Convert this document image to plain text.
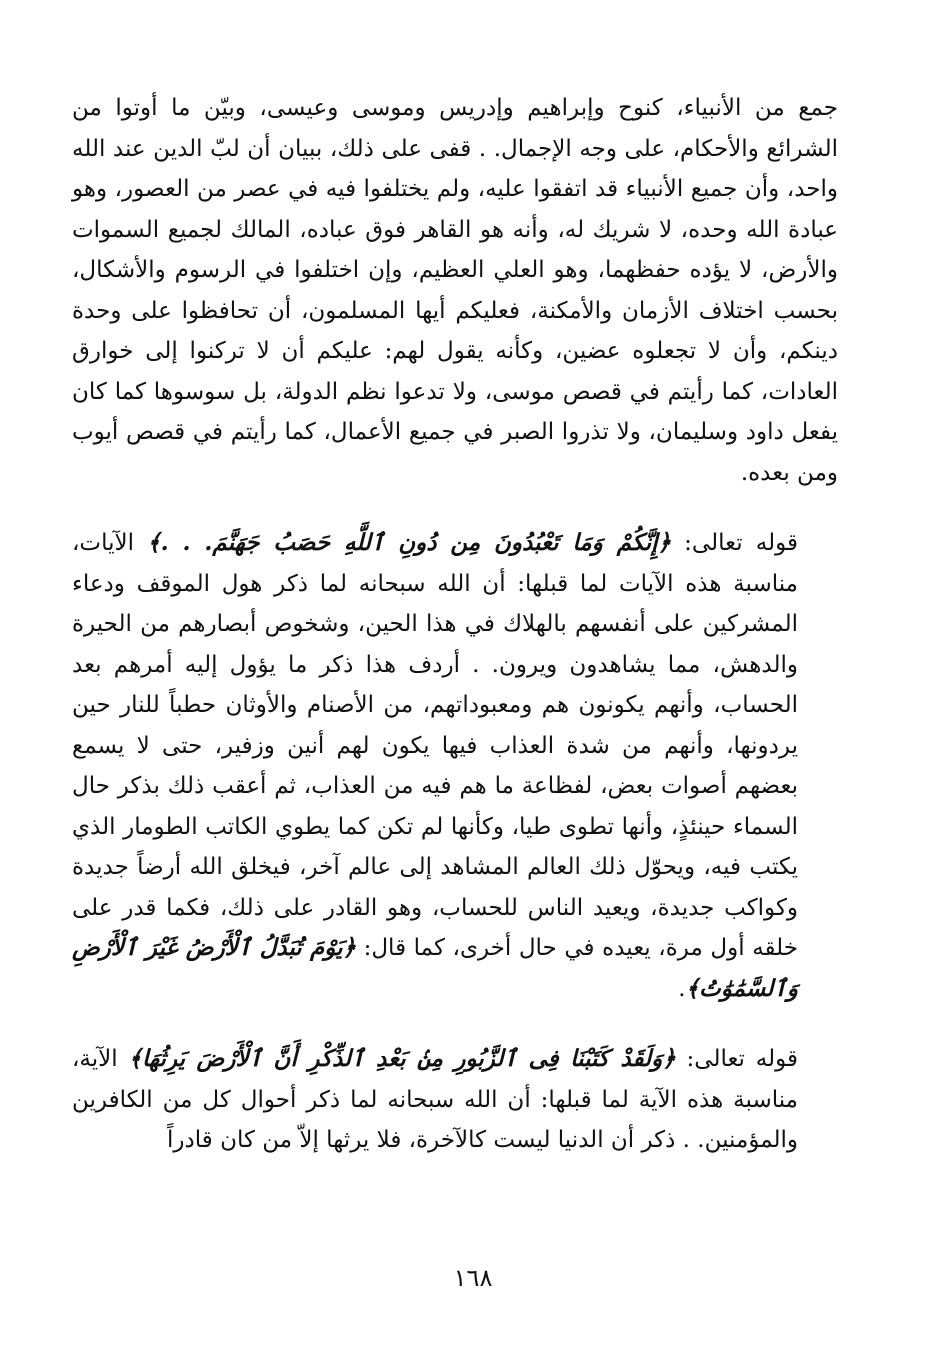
جمع من الأنبياء، كنوح وإبراهيم وإدريس وموسى وعيسى، وبيّن ما أوتوا من الشرائع والأحكام، على وجه الإجمال. . قفى على ذلك، ببيان أن لبّ الدين عند الله واحد، وأن جميع الأنبياء قد اتفقوا عليه، ولم يختلفوا فيه في عصر من العصور، وهو عبادة الله وحده، لا شريك له، وأنه هو القاهر فوق عباده، المالك لجميع السموات والأرض، لا يؤده حفظهما، وهو العلي العظيم، وإن اختلفوا في الرسوم والأشكال، بحسب اختلاف الأزمان والأمكنة، فعليكم أيها المسلمون، أن تحافظوا على وحدة دينكم، وأن لا تجعلوه عضين، وكأنه يقول لهم: عليكم أن لا تركنوا إلى خوارق العادات، كما رأيتم في قصص موسى، ولا تدعوا نظم الدولة، بل سوسوها كما كان يفعل داود وسليمان، ولا تذروا الصبر في جميع الأعمال، كما رأيتم في قصص أيوب ومن بعده.

قوله تعالى: ﴿إِنَّكُمْ وَمَا تَعْبُدُونَ مِن دُونِ ٱللَّهِ حَصَبُ جَهَنَّمَ. . .﴾ الآيات، مناسبة هذه الآيات لما قبلها: أن الله سبحانه لما ذكر هول الموقف ودعاء المشركين على أنفسهم بالهلاك في هذا الحين، وشخوص أبصارهم من الحيرة والدهش، مما يشاهدون ويرون. . أردف هذا ذكر ما يؤول إليه أمرهم بعد الحساب، وأنهم يكونون هم ومعبوداتهم، من الأصنام والأوثان حطباً للنار حين يردونها، وأنهم من شدة العذاب فيها يكون لهم أنين وزفير، حتى لا يسمع بعضهم أصوات بعض، لفظاعة ما هم فيه من العذاب، ثم أعقب ذلك بذكر حال السماء حينئذٍ، وأنها تطوى طيا، وكأنها لم تكن كما يطوي الكاتب الطومار الذي يكتب فيه، ويحوّل ذلك العالم المشاهد إلى عالم آخر، فيخلق الله أرضاً جديدة وكواكب جديدة، ويعيد الناس للحساب، وهو القادر على ذلك، فكما قدر على خلقه أول مرة، يعيده في حال أخرى، كما قال: ﴿يَوْمَ تُبَدَّلُ ٱلْأَرْضُ غَيْرَ ٱلْأَرْضِ وَٱلسَّمَٰوَٰتُ﴾.

قوله تعالى: ﴿وَلَقَدْ كَتَبْنَا فِى ٱلزَّبُورِ مِنۢ بَعْدِ ٱلذِّكْرِ أَنَّ ٱلْأَرْضَ يَرِثُهَا﴾ الآية، مناسبة هذه الآية لما قبلها: أن الله سبحانه لما ذكر أحوال كل من الكافرين والمؤمنين. . ذكر أن الدنيا ليست كالآخرة، فلا يرثها إلاّ من كان قادراً

١٦٨
